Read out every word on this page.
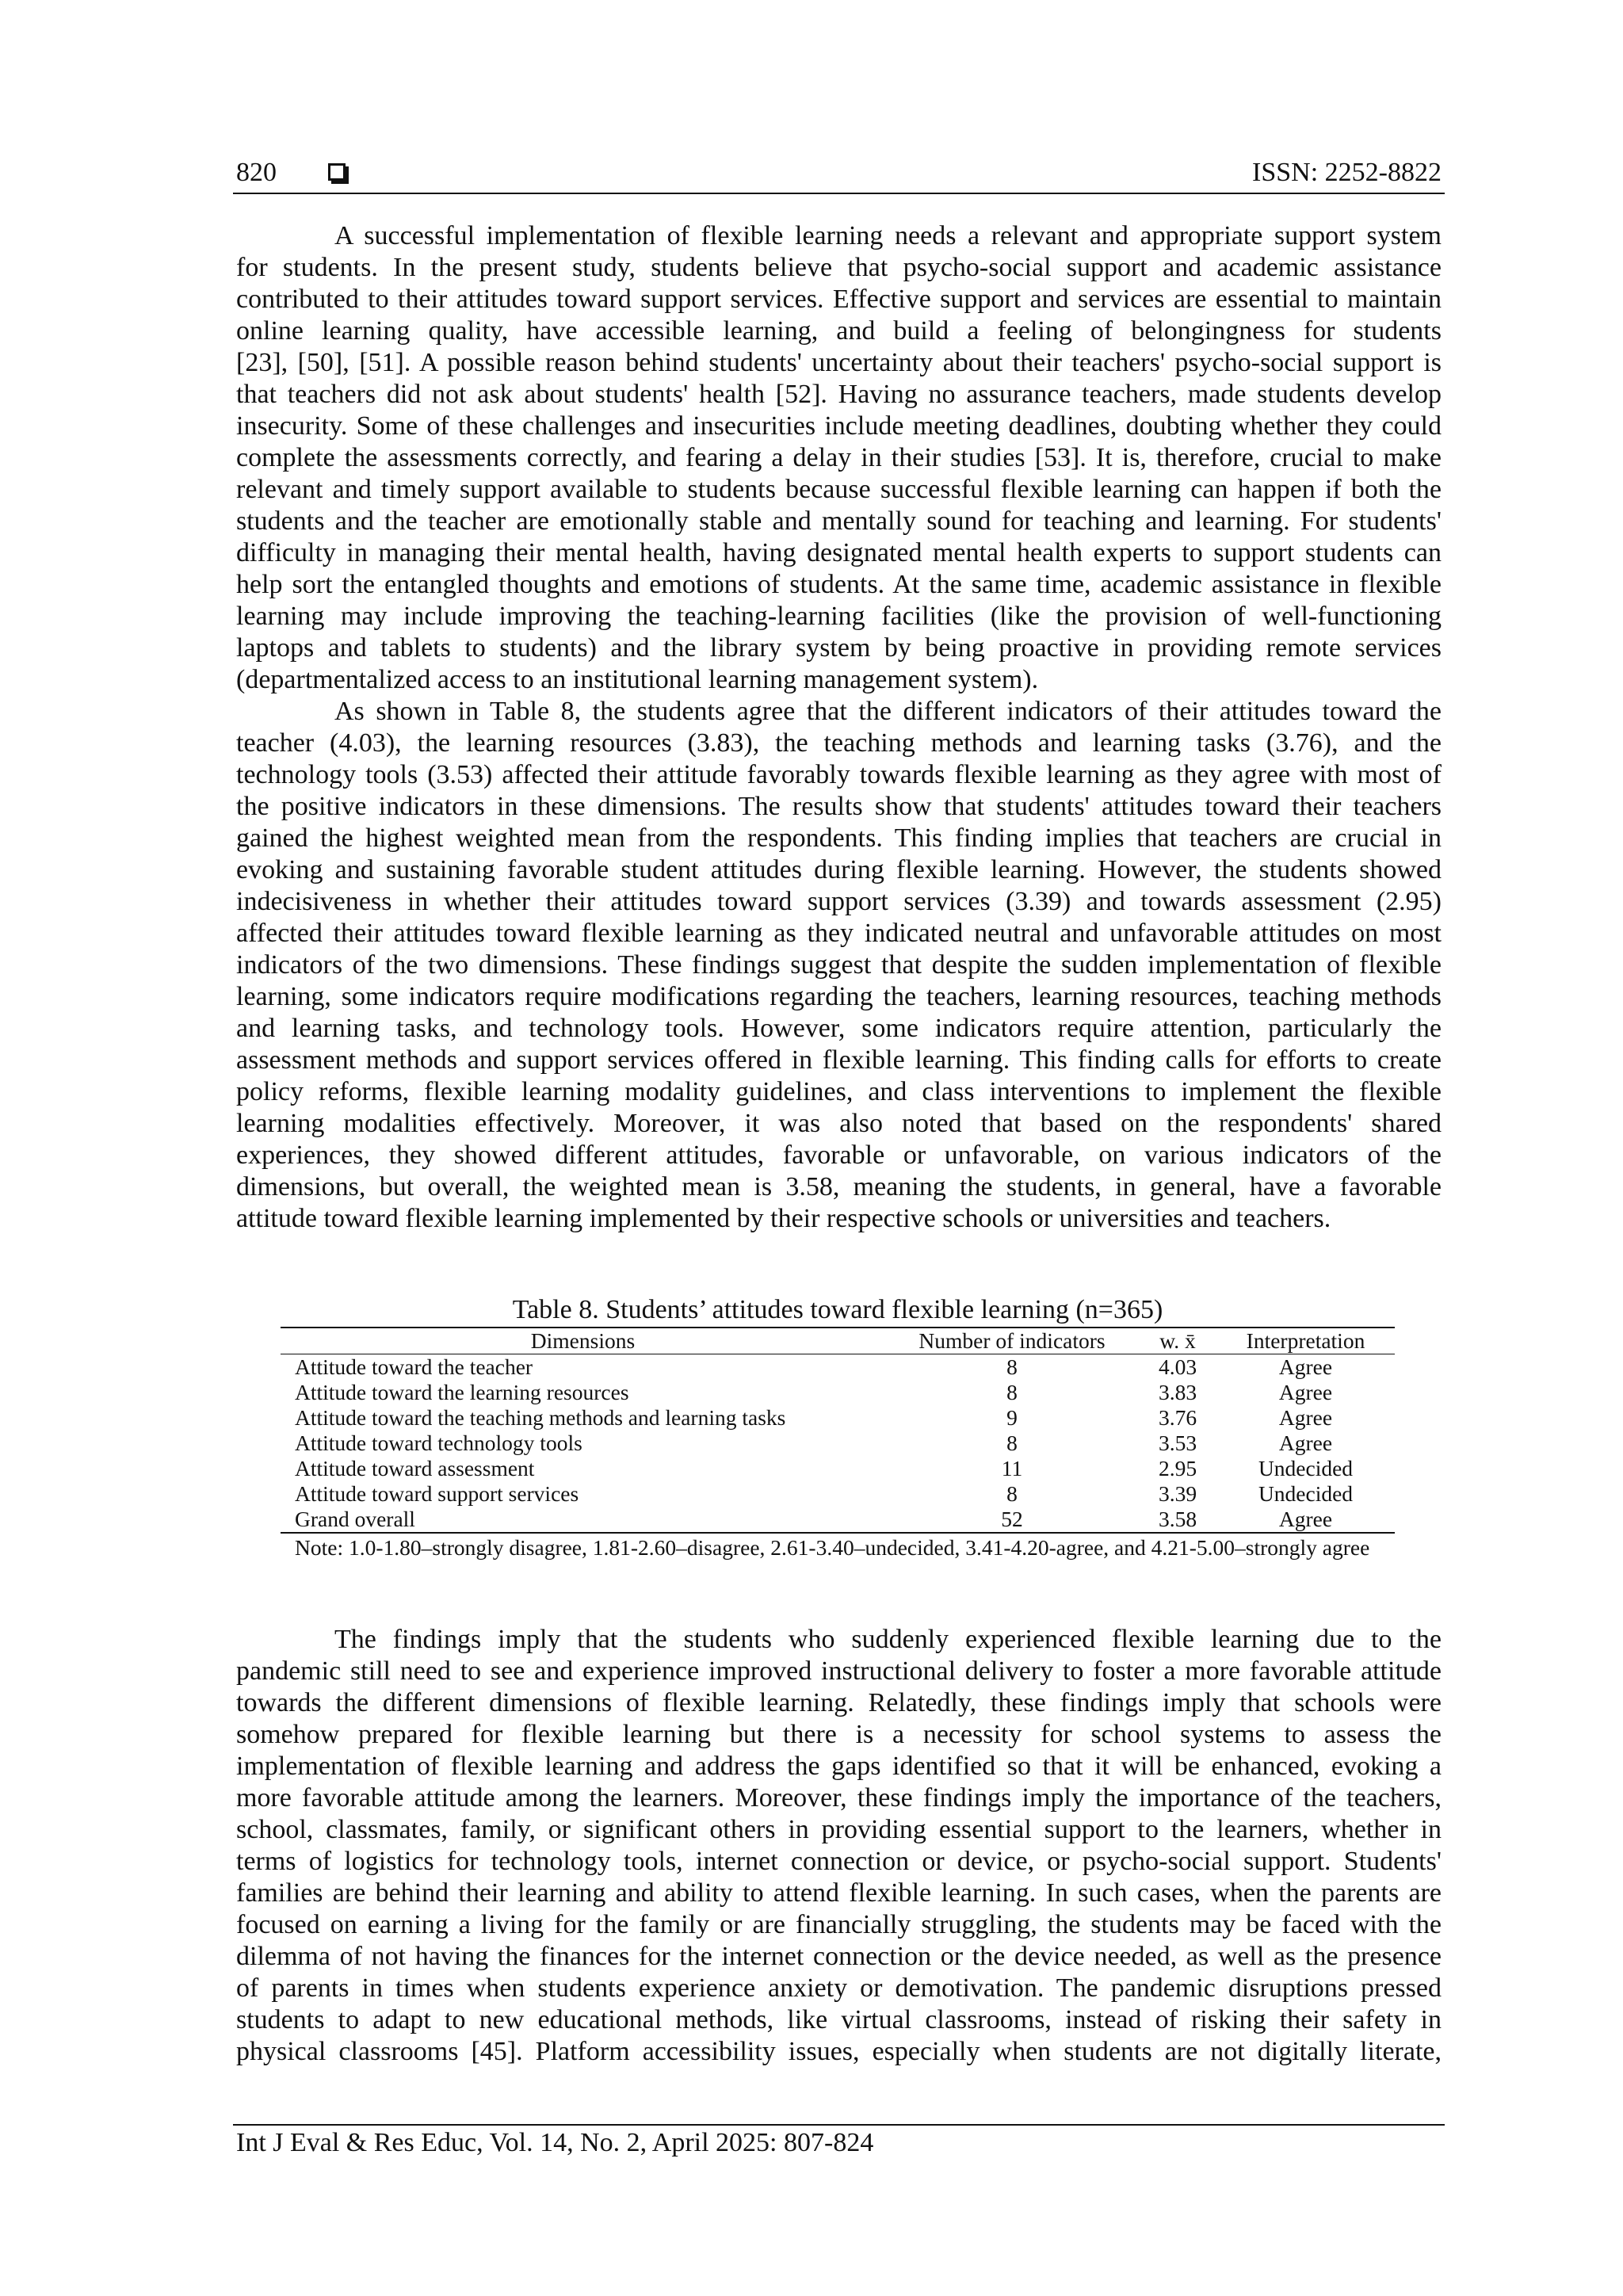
820	ISSN: 2252-8822
A successful implementation of flexible learning needs a relevant and appropriate support system
for students. In the present study, students believe that psycho-social support and academic assistance
contributed to their attitudes toward support services. Effective support and services are essential to maintain
online learning quality, have accessible learning, and build a feeling of belongingness for students
[23], [50], [51]. A possible reason behind students' uncertainty about their teachers' psycho-social support is
that teachers did not ask about students' health [52]. Having no assurance teachers, made students develop
insecurity. Some of these challenges and insecurities include meeting deadlines, doubting whether they could
complete the assessments correctly, and fearing a delay in their studies [53]. It is, therefore, crucial to make
relevant and timely support available to students because successful flexible learning can happen if both the
students and the teacher are emotionally stable and mentally sound for teaching and learning. For students'
difficulty in managing their mental health, having designated mental health experts to support students can
help sort the entangled thoughts and emotions of students. At the same time, academic assistance in flexible
learning may include improving the teaching-learning facilities (like the provision of well-functioning
laptops and tablets to students) and the library system by being proactive in providing remote services
(departmentalized access to an institutional learning management system).
As shown in Table 8, the students agree that the different indicators of their attitudes toward the
teacher (4.03), the learning resources (3.83), the teaching methods and learning tasks (3.76), and the
technology tools (3.53) affected their attitude favorably towards flexible learning as they agree with most of
the positive indicators in these dimensions. The results show that students' attitudes toward their teachers
gained the highest weighted mean from the respondents. This finding implies that teachers are crucial in
evoking and sustaining favorable student attitudes during flexible learning. However, the students showed
indecisiveness in whether their attitudes toward support services (3.39) and towards assessment (2.95)
affected their attitudes toward flexible learning as they indicated neutral and unfavorable attitudes on most
indicators of the two dimensions. These findings suggest that despite the sudden implementation of flexible
learning, some indicators require modifications regarding the teachers, learning resources, teaching methods
and learning tasks, and technology tools. However, some indicators require attention, particularly the
assessment methods and support services offered in flexible learning. This finding calls for efforts to create
policy reforms, flexible learning modality guidelines, and class interventions to implement the flexible
learning modalities effectively. Moreover, it was also noted that based on the respondents' shared
experiences, they showed different attitudes, favorable or unfavorable, on various indicators of the
dimensions, but overall, the weighted mean is 3.58, meaning the students, in general, have a favorable
attitude toward flexible learning implemented by their respective schools or universities and teachers.
Table 8. Students’ attitudes toward flexible learning (n=365)
Dimensions	Number of indicators	w. x̄	Interpretation
Attitude toward the teacher	8	4.03	Agree
Attitude toward the learning resources	8	3.83	Agree
Attitude toward the teaching methods and learning tasks	9	3.76	Agree
Attitude toward technology tools	8	3.53	Agree
Attitude toward assessment	11	2.95	Undecided
Attitude toward support services	8	3.39	Undecided
Grand overall	52	3.58	Agree
Note: 1.0-1.80–strongly disagree, 1.81-2.60–disagree, 2.61-3.40–undecided, 3.41-4.20-agree, and 4.21-5.00–strongly agree
The findings imply that the students who suddenly experienced flexible learning due to the
pandemic still need to see and experience improved instructional delivery to foster a more favorable attitude
towards the different dimensions of flexible learning. Relatedly, these findings imply that schools were
somehow prepared for flexible learning but there is a necessity for school systems to assess the
implementation of flexible learning and address the gaps identified so that it will be enhanced, evoking a
more favorable attitude among the learners. Moreover, these findings imply the importance of the teachers,
school, classmates, family, or significant others in providing essential support to the learners, whether in
terms of logistics for technology tools, internet connection or device, or psycho-social support. Students'
families are behind their learning and ability to attend flexible learning. In such cases, when the parents are
focused on earning a living for the family or are financially struggling, the students may be faced with the
dilemma of not having the finances for the internet connection or the device needed, as well as the presence
of parents in times when students experience anxiety or demotivation. The pandemic disruptions pressed
students to adapt to new educational methods, like virtual classrooms, instead of risking their safety in
physical classrooms [45]. Platform accessibility issues, especially when students are not digitally literate,
Int J Eval & Res Educ, Vol. 14, No. 2, April 2025: 807-824
